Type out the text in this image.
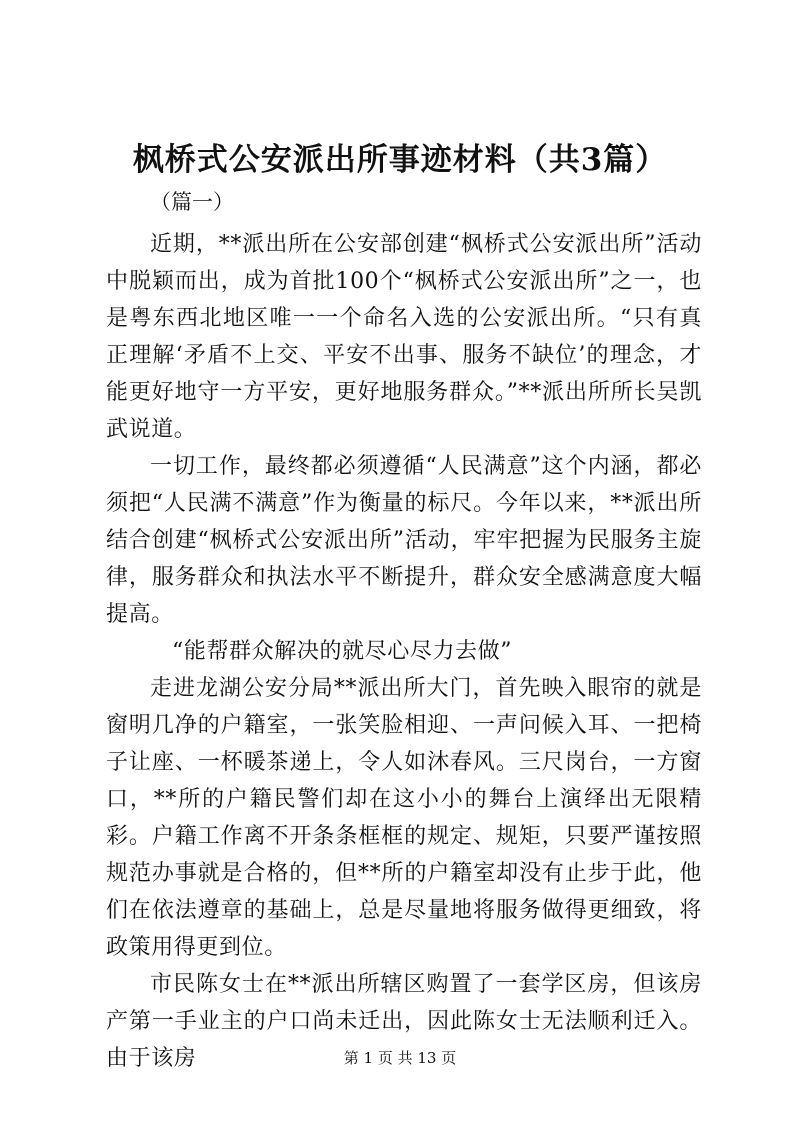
枫桥式公安派出所事迹材料（共3篇）
（篇一）

近期，**派出所在公安部创建“枫桥式公安派出所”活动中脱颖而出，成为首批100个“枫桥式公安派出所”之一，也是粤东西北地区唯一一个命名入选的公安派出所。“只有真正理解‘矛盾不上交、平安不出事、服务不缺位’的理念，才能更好地守一方平安，更好地服务群众。”**派出所所长吴凯武说道。

一切工作，最终都必须遵循“人民满意”这个内涵，都必须把“人民满不满意”作为衡量的标尺。今年以来，**派出所结合创建“枫桥式公安派出所”活动，牢牢把握为民服务主旋律，服务群众和执法水平不断提升，群众安全感满意度大幅提高。

“能帮群众解决的就尽心尽力去做”

走进龙湖公安分局**派出所大门，首先映入眼帘的就是窗明几净的户籍室，一张笑脸相迎、一声问候入耳、一把椅子让座、一杯暖茶递上，令人如沐春风。三尺岗台，一方窗口，**所的户籍民警们却在这小小的舞台上演绎出无限精彩。户籍工作离不开条条框框的规定、规矩，只要严谨按照规范办事就是合格的，但**所的户籍室却没有止步于此，他们在依法遵章的基础上，总是尽量地将服务做得更细致，将政策用得更到位。

市民陈女士在**派出所辖区购置了一套学区房，但该房产第一手业主的户口尚未迁出，因此陈女士无法顺利迁入。由于该房	第 1 页 共 13 页
